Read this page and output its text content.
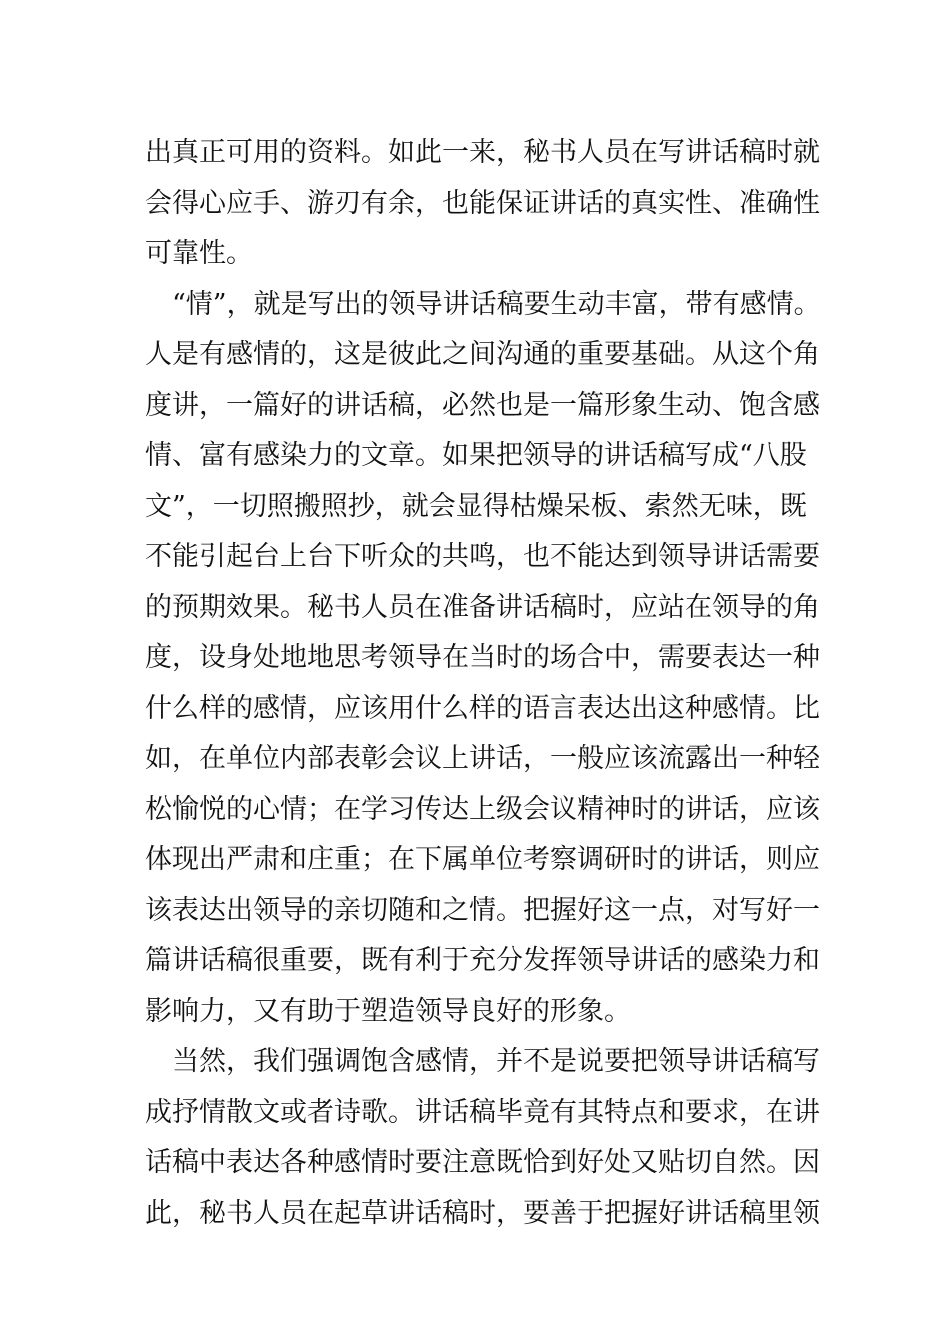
出真正可用的资料。如此一来，秘书人员在写讲话稿时就
会得心应手、游刃有余，也能保证讲话的真实性、准确性
可靠性。
　“情”，就是写出的领导讲话稿要生动丰富，带有感情。
人是有感情的，这是彼此之间沟通的重要基础。从这个角
度讲，一篇好的讲话稿，必然也是一篇形象生动、饱含感
情、富有感染力的文章。如果把领导的讲话稿写成“八股
文”，一切照搬照抄，就会显得枯燥呆板、索然无味，既
不能引起台上台下听众的共鸣，也不能达到领导讲话需要
的预期效果。秘书人员在准备讲话稿时，应站在领导的角
度，设身处地地思考领导在当时的场合中，需要表达一种
什么样的感情，应该用什么样的语言表达出这种感情。比
如，在单位内部表彰会议上讲话，一般应该流露出一种轻
松愉悦的心情；在学习传达上级会议精神时的讲话，应该
体现出严肃和庄重；在下属单位考察调研时的讲话，则应
该表达出领导的亲切随和之情。把握好这一点，对写好一
篇讲话稿很重要，既有利于充分发挥领导讲话的感染力和
影响力，又有助于塑造领导良好的形象。
　当然，我们强调饱含感情，并不是说要把领导讲话稿写
成抒情散文或者诗歌。讲话稿毕竟有其特点和要求，在讲
话稿中表达各种感情时要注意既恰到好处又贴切自然。因
此，秘书人员在起草讲话稿时，要善于把握好讲话稿里领
